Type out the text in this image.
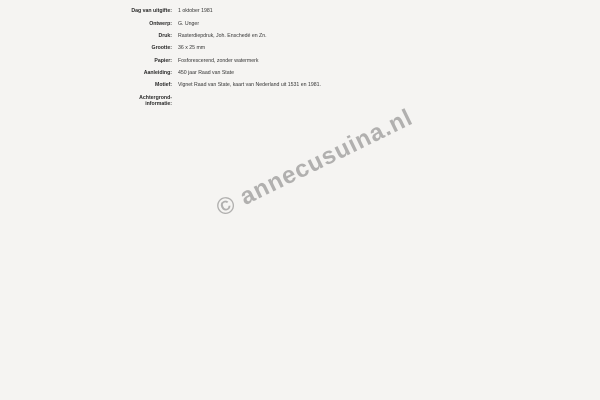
Dag van uitgifte: 1 oktober 1981
Ontwerp: G. Unger
Druk: Rasterdiepdruk, Joh. Enschedé en Zn.
Grootte: 36 x 25 mm
Papier: Fosforescerend, zonder watermerk
Aanleiding: 450 jaar Raad van State
Motief: Vignet Raad van State, kaart van Nederland uit 1531 en 1981.
Achtergrond-
informatie: © annecusuina.nl
